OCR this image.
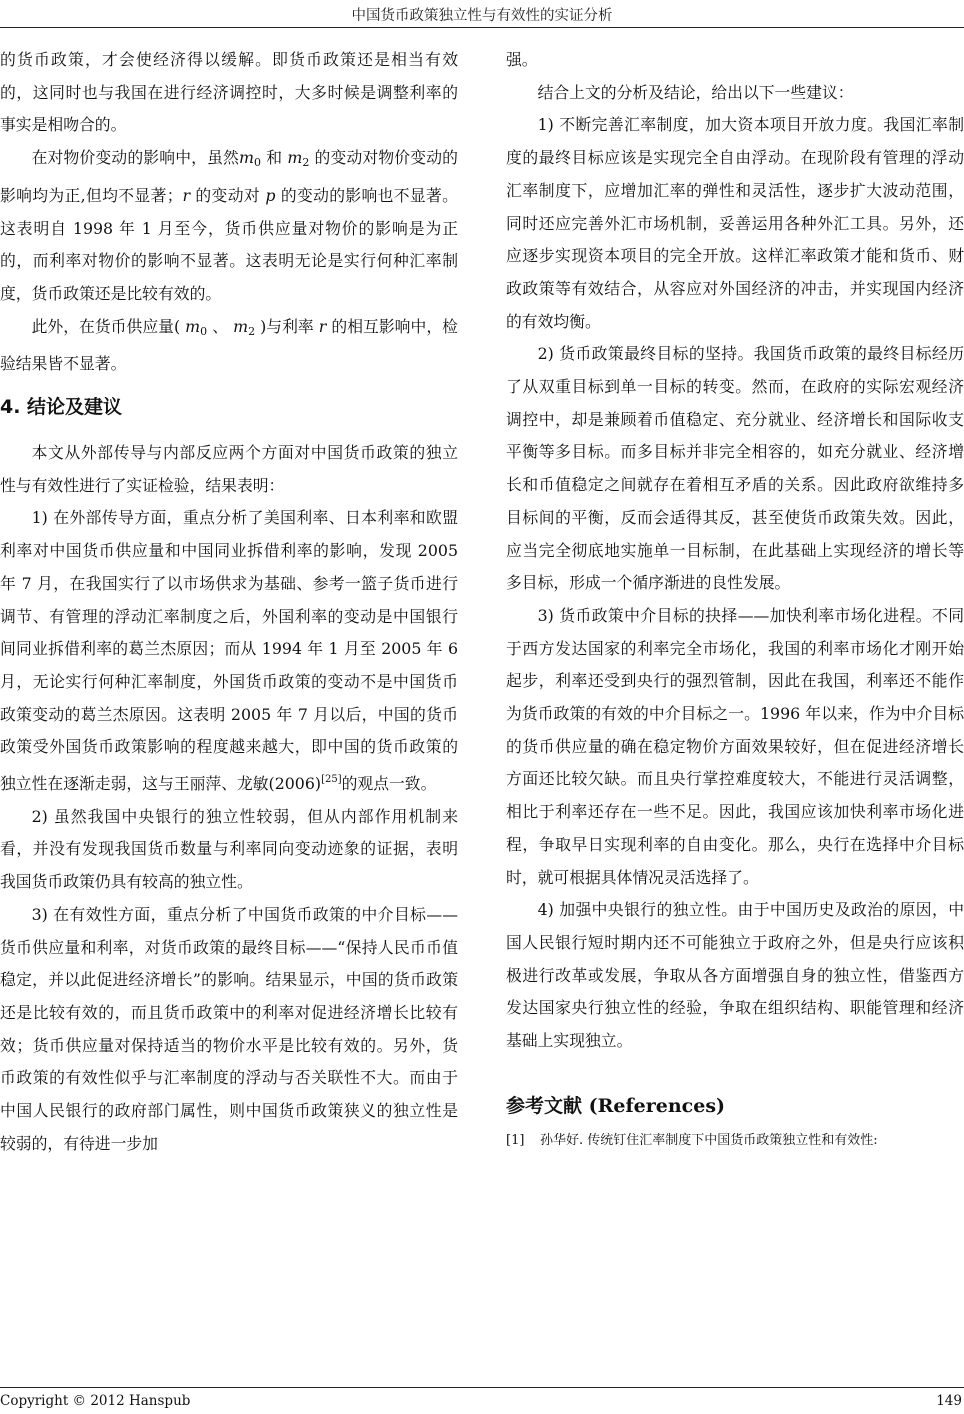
中国货币政策独立性与有效性的实证分析

的货币政策，才会使经济得以缓解。即货币政策还是相当有效的，这同时也与我国在进行经济调控时，大多时候是调整利率的事实是相吻合的。

在对物价变动的影响中，虽然$m_0$ 和 $m_2$ 的变动对物价变动的影响均为正,但均不显著；r 的变动对 p 的变动的影响也不显著。这表明自 1998 年 1 月至今，货币供应量对物价的影响是为正的，而利率对物价的影响不显著。这表明无论是实行何种汇率制度，货币政策还是比较有效的。

此外，在货币供应量( $m_0$ 、 $m_2$ )与利率 r 的相互影响中，检验结果皆不显著。

4. 结论及建议

本文从外部传导与内部反应两个方面对中国货币政策的独立性与有效性进行了实证检验，结果表明：

1) 在外部传导方面，重点分析了美国利率、日本利率和欧盟利率对中国货币供应量和中国同业拆借利率的影响，发现 2005 年 7 月，在我国实行了以市场供求为基础、参考一篮子货币进行调节、有管理的浮动汇率制度之后，外国利率的变动是中国银行间同业拆借利率的葛兰杰原因；而从 1994 年 1 月至 2005 年 6 月，无论实行何种汇率制度，外国货币政策的变动不是中国货币政策变动的葛兰杰原因。这表明 2005 年 7 月以后，中国的货币政策受外国货币政策影响的程度越来越大，即中国的货币政策的独立性在逐渐走弱，这与王丽萍、龙敏(2006)[25]的观点一致。

2) 虽然我国中央银行的独立性较弱，但从内部作用机制来看，并没有发现我国货币数量与利率同向变动迹象的证据，表明我国货币政策仍具有较高的独立性。

3) 在有效性方面，重点分析了中国货币政策的中介目标——货币供应量和利率，对货币政策的最终目标——“保持人民币币值稳定，并以此促进经济增长”的影响。结果显示，中国的货币政策还是比较有效的，而且货币政策中的利率对促进经济增长比较有效；货币供应量对保持适当的物价水平是比较有效的。另外，货币政策的有效性似乎与汇率制度的浮动与否关联性不大。而由于中国人民银行的政府部门属性，则中国货币政策狭义的独立性是较弱的，有待进一步加

强。

结合上文的分析及结论，给出以下一些建议：

1) 不断完善汇率制度，加大资本项目开放力度。我国汇率制度的最终目标应该是实现完全自由浮动。在现阶段有管理的浮动汇率制度下，应增加汇率的弹性和灵活性，逐步扩大波动范围，同时还应完善外汇市场机制，妥善运用各种外汇工具。另外，还应逐步实现资本项目的完全开放。这样汇率政策才能和货币、财政政策等有效结合，从容应对外国经济的冲击，并实现国内经济的有效均衡。

2) 货币政策最终目标的坚持。我国货币政策的最终目标经历了从双重目标到单一目标的转变。然而，在政府的实际宏观经济调控中，却是兼顾着币值稳定、充分就业、经济增长和国际收支平衡等多目标。而多目标并非完全相容的，如充分就业、经济增长和币值稳定之间就存在着相互矛盾的关系。因此政府欲维持多目标间的平衡，反而会适得其反，甚至使货币政策失效。因此，应当完全彻底地实施单一目标制，在此基础上实现经济的增长等多目标，形成一个循序渐进的良性发展。

3) 货币政策中介目标的抉择——加快利率市场化进程。不同于西方发达国家的利率完全市场化，我国的利率市场化才刚开始起步，利率还受到央行的强烈管制，因此在我国，利率还不能作为货币政策的有效的中介目标之一。1996 年以来，作为中介目标的货币供应量的确在稳定物价方面效果较好，但在促进经济增长方面还比较欠缺。而且央行掌控难度较大，不能进行灵活调整，相比于利率还存在一些不足。因此，我国应该加快利率市场化进程，争取早日实现利率的自由变化。那么，央行在选择中介目标时，就可根据具体情况灵活选择了。

4) 加强中央银行的独立性。由于中国历史及政治的原因，中国人民银行短时期内还不可能独立于政府之外，但是央行应该积极进行改革或发展，争取从各方面增强自身的独立性，借鉴西方发达国家央行独立性的经验，争取在组织结构、职能管理和经济基础上实现独立。

参考文献 (References)
[1]	孙华好. 传统钉住汇率制度下中国货币政策独立性和有效性:
Copyright © 2012 Hanspub	149
